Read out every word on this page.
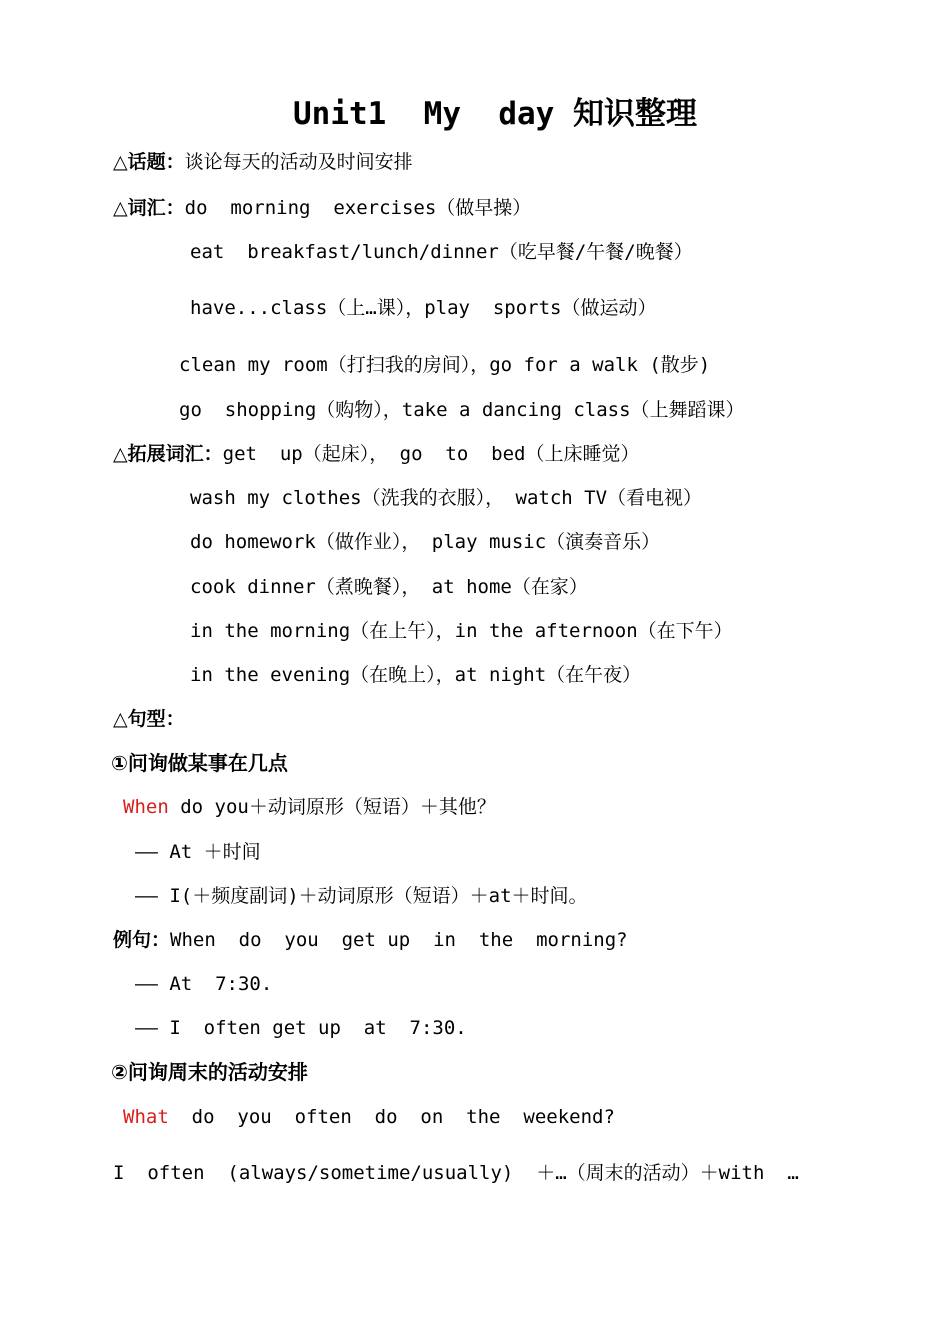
Unit1  My  day 知识整理
△话题：谈论每天的活动及时间安排
△词汇：do  morning  exercises（做早操）
eat  breakfast/lunch/dinner（吃早餐/午餐/晚餐）
have...class（上…课），play  sports（做运动）
clean my room（打扫我的房间），go for a walk (散步)
go  shopping（购物），take a dancing class（上舞蹈课）
△拓展词汇：get  up（起床）， go  to  bed（上床睡觉）
wash my clothes（洗我的衣服）， watch TV（看电视）
do homework（做作业）， play music（演奏音乐）
cook dinner（煮晚餐）， at home（在家）
in the morning（在上午），in the afternoon（在下午）
in the evening（在晚上），at night（在午夜）
△句型：
①问询做某事在几点
When do you＋动词原形（短语）＋其他？
—— At ＋时间
—— I(＋频度副词)＋动词原形（短语）＋at＋时间。
例句：When  do  you  get up  in  the  morning?
—— At  7:30.
—— I  often get up  at  7:30.
②问询周末的活动安排
What  do  you  often  do  on  the  weekend?
I  often  (always/sometime/usually)  ＋…（周末的活动）＋with  …
